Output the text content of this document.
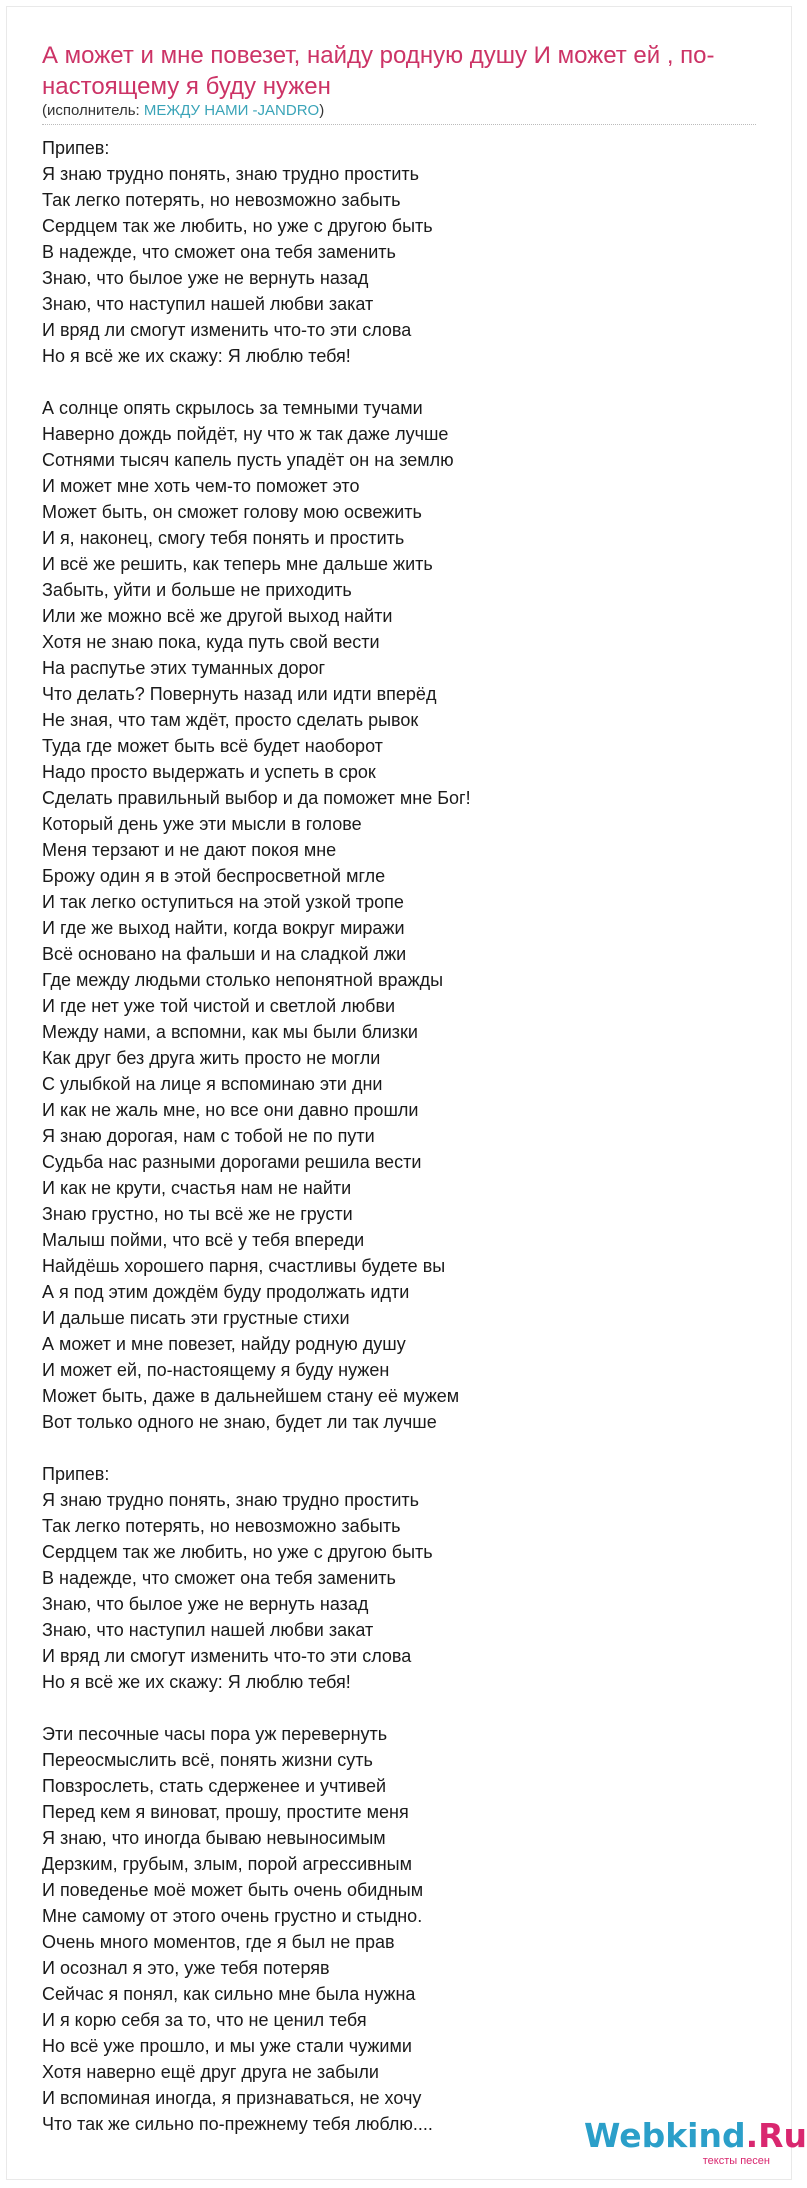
А может и мне повезет, найду родную душу И может ей , по-настоящему я буду нужен
(исполнитель: МЕЖДУ НАМИ -JANDRO)
Припев:
Я знаю трудно понять, знаю трудно простить
Так легко потерять, но невозможно забыть
Сердцем так же любить, но уже с другою быть
В надежде, что сможет она тебя заменить
Знаю, что былое уже не вернуть назад
Знаю, что наступил нашей любви закат
И вряд ли смогут изменить что-то эти слова
Но я всё же их скажу: Я люблю тебя!
А солнце опять скрылось за темными тучами
Наверно дождь пойдёт, ну что ж так даже лучше
Сотнями тысяч капель пусть упадёт он на землю
И может мне хоть чем-то поможет это
Может быть, он сможет голову мою освежить
И я, наконец, смогу тебя понять и простить
И всё же решить, как теперь мне дальше жить
Забыть, уйти и больше не приходить
Или же можно всё же другой выход найти
Хотя не знаю пока, куда путь свой вести
На распутье этих туманных дорог
Что делать? Повернуть назад или идти вперёд
Не зная, что там ждёт, просто сделать рывок
Туда где может быть всё будет наоборот
Надо просто выдержать и успеть в срок
Сделать правильный выбор и да поможет мне Бог!
Который день уже эти мысли в голове
Меня терзают и не дают покоя мне
Брожу один я в этой беспросветной мгле
И так легко оступиться на этой узкой тропе
И где же выход найти, когда вокруг миражи
Всё основано на фальши и на сладкой лжи
Где между людьми столько непонятной вражды
И где нет уже той чистой и светлой любви
Между нами, а вспомни, как мы были близки
Как друг без друга жить просто не могли
С улыбкой на лице я вспоминаю эти дни
И как не жаль мне, но все они давно прошли
Я знаю дорогая, нам с тобой не по пути
Судьба нас разными дорогами решила вести
И как не крути, счастья нам не найти
Знаю грустно, но ты всё же не грусти
Малыш пойми, что всё у тебя впереди
Найдёшь хорошего парня, счастливы будете вы
А я под этим дождём буду продолжать идти
И дальше писать эти грустные стихи
А может и мне повезет, найду родную душу
И может ей, по-настоящему я буду нужен
Может быть, даже в дальнейшем стану её мужем
Вот только одного не знаю, будет ли так лучше
Припев:
Я знаю трудно понять, знаю трудно простить
Так легко потерять, но невозможно забыть
Сердцем так же любить, но уже с другою быть
В надежде, что сможет она тебя заменить
Знаю, что былое уже не вернуть назад
Знаю, что наступил нашей любви закат
И вряд ли смогут изменить что-то эти слова
Но я всё же их скажу: Я люблю тебя!
Эти песочные часы пора уж перевернуть
Переосмыслить всё, понять жизни суть
Повзрослеть, стать сдерженее и учтивей
Перед кем я виноват, прошу, простите меня
Я знаю, что иногда бываю невыносимым
Дерзким, грубым, злым, порой агрессивным
И поведенье моё может быть очень обидным
Мне самому от этого очень грустно и стыдно.
Очень много моментов, где я был не прав
И осознал я это, уже тебя потеряв
Сейчас я понял, как сильно мне была нужна
И я корю себя за то, что не ценил тебя
Но всё уже прошло, и мы уже стали чужими
Хотя наверно ещё друг друга не забыли
И вспоминая иногда, я признаваться, не хочу
Что так же сильно по-прежнему тебя люблю....	Webkind.Ru
тексты песен
